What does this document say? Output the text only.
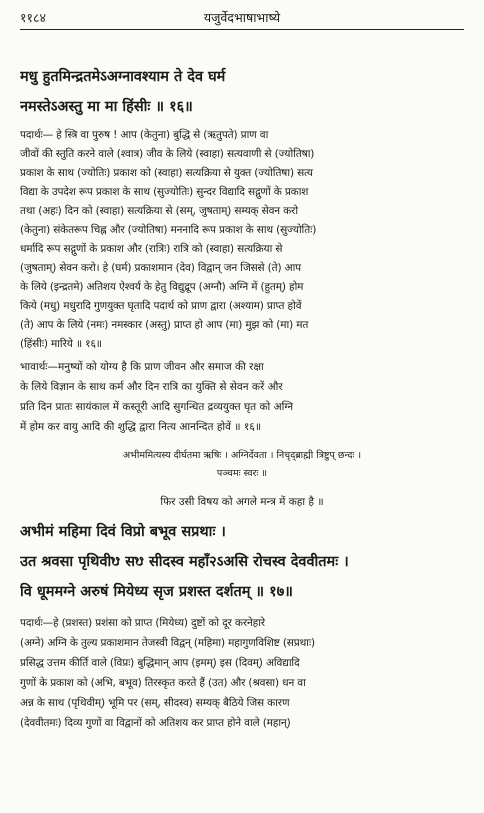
११८४	यजुर्वेदभाषाभाष्ये
मधु हुतमिन्द्रतमेऽअग्नावश्याम ते देव घर्म
नमस्तेऽअस्तु मा मा हिंसीः ॥ १६॥
पदार्थः— हे स्त्रि वा पुरुष ! आप (केतुना) बुद्धि से (ऋतुपते) प्राण वा
जीवों की स्तुति करने वाले (श्वात्र) जीव के लिये (स्वाहा) सत्यवाणी से (ज्योतिषा)
प्रकाश के साथ (ज्योतिः) प्रकाश को (स्वाहा) सत्यक्रिया से युक्त (ज्योतिषा) सत्य
विद्या के उपदेश रूप प्रकाश के साथ (सुज्योतिः) सुन्दर विद्यादि सद्गुणों के प्रकाश
तथा (अहः) दिन को (स्वाहा) सत्यक्रिया से (सम्, जुषताम्) सम्यक् सेवन करो
(केतुना) संकेतरूप चिह्न और (ज्योतिषा) मननादि रूप प्रकाश के साथ (सुज्योतिः)
धर्मादि रूप सद्गुणों के प्रकाश और (रात्रिः) रात्रि को (स्वाहा) सत्यक्रिया से
(जुषताम्) सेवन करो। हे (घर्म) प्रकाशमान (देव) विद्वान् जन जिससे (ते) आप
के लिये (इन्द्रतमे) अतिशय ऐश्वर्य के हेतु विद्युद्रूप (अग्नौ) अग्नि में (हुतम्) होम
किये (मधु) मधुरादि गुणयुक्त घृतादि पदार्थ को प्राण द्वारा (अश्याम) प्राप्त होवें
(ते) आप के लिये (नमः) नमस्कार (अस्तु) प्राप्त हो आप (मा) मुझ को (मा) मत
(हिंसीः) मारिये ॥ १६॥
भावार्थः—मनुष्यों को योग्य है कि प्राण जीवन और समाज की रक्षा
के लिये विज्ञान के साथ कर्म और दिन रात्रि का युक्ति से सेवन करें और
प्रति दिन प्रातः सायंकाल में कस्तूरी आदि सुगन्धित द्रव्ययुक्त घृत को अग्नि
में होम कर वायु आदि की शुद्धि द्वारा नित्य आनन्दित होवें ॥ १६॥
अभीममित्यस्य दीर्घतमा ऋषिः । अग्निर्देवता । निचृद्ब्राह्मी त्रिष्टुप् छन्दः ।
पञ्चमः स्वरः ॥
फिर उसी विषय को अगले मन्त्र में कहा है ॥
अभीमं महिमा दिवं विप्रो बभूव सप्रथाः ।
उत श्रवसा पृथिवीᳪ सᳪ सीदस्व महाँ२ऽअसि रोचस्व देववीतमः ।
वि धूममग्ने अरुषं मियेध्य सृज प्रशस्त दर्शतम् ॥ १७॥
पदार्थः—हे (प्रशस्त) प्रशंसा को प्राप्त (मियेध्य) दुष्टों को दूर करनेहारे
(अग्ने) अग्नि के तुल्य प्रकाशमान तेजस्वी विद्वन् (महिमा) महागुणविशिष्ट (सप्रथाः)
प्रसिद्ध उत्तम कीर्ति वाले (विप्रः) बुद्धिमान् आप (इमम्) इस (दिवम्) अविद्यादि
गुणों के प्रकाश को (अभि, बभूव) तिरस्कृत करते हैं (उत) और (श्रवसा) धन वा
अन्न के साथ (पृथिवीम्) भूमि पर (सम्, सीदस्व) सम्यक् बैठिये जिस कारण
(देववीतमः) दिव्य गुणों वा विद्वानों को अतिशय कर प्राप्त होने वाले (महान्)
